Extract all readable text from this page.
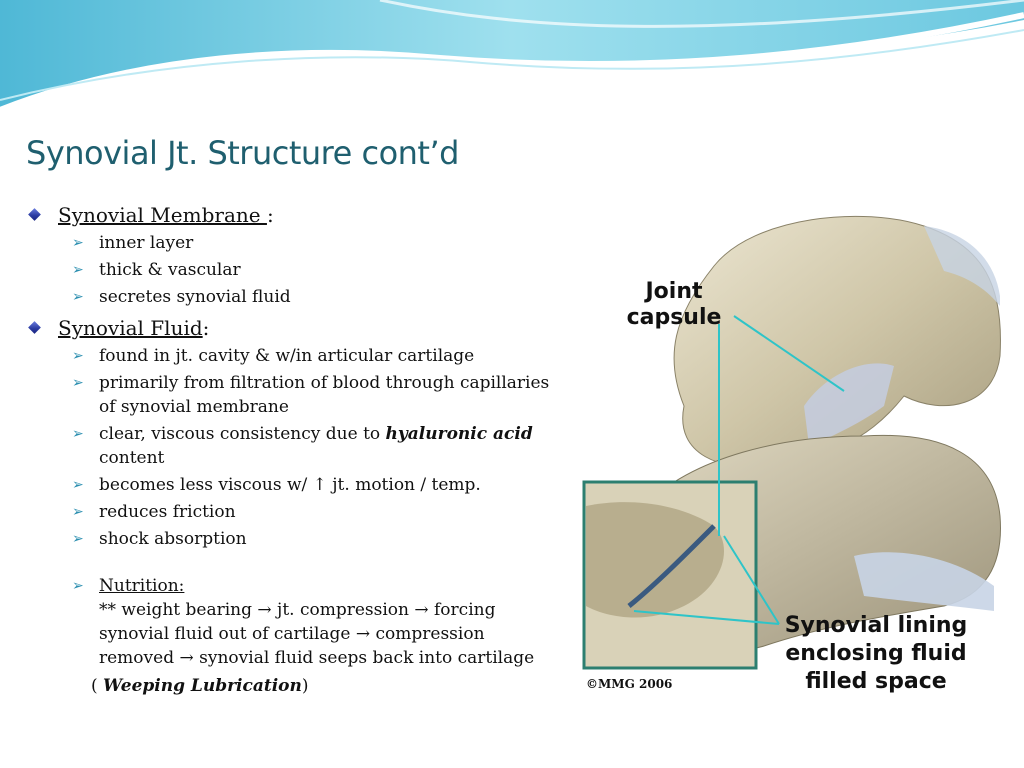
Synovial Jt. Structure cont’d
Synovial Membrane :
➢ inner layer
➢ thick & vascular
➢ secretes synovial fluid
Synovial Fluid:
➢ found in jt. cavity & w/in articular cartilage
➢ primarily from filtration of blood through capillaries of synovial membrane
➢ clear, viscous consistency due to hyaluronic acid content
➢ becomes less viscous w/ ↑ jt. motion / temp.
➢ reduces friction
➢ shock absorption
➢ Nutrition:
** weight bearing → jt. compression → forcing synovial fluid out of cartilage → compression removed → synovial fluid seeps back into cartilage
( Weeping Lubrication)
Joint
capsule
Synovial lining
enclosing fluid
filled space
©MMG 2006
